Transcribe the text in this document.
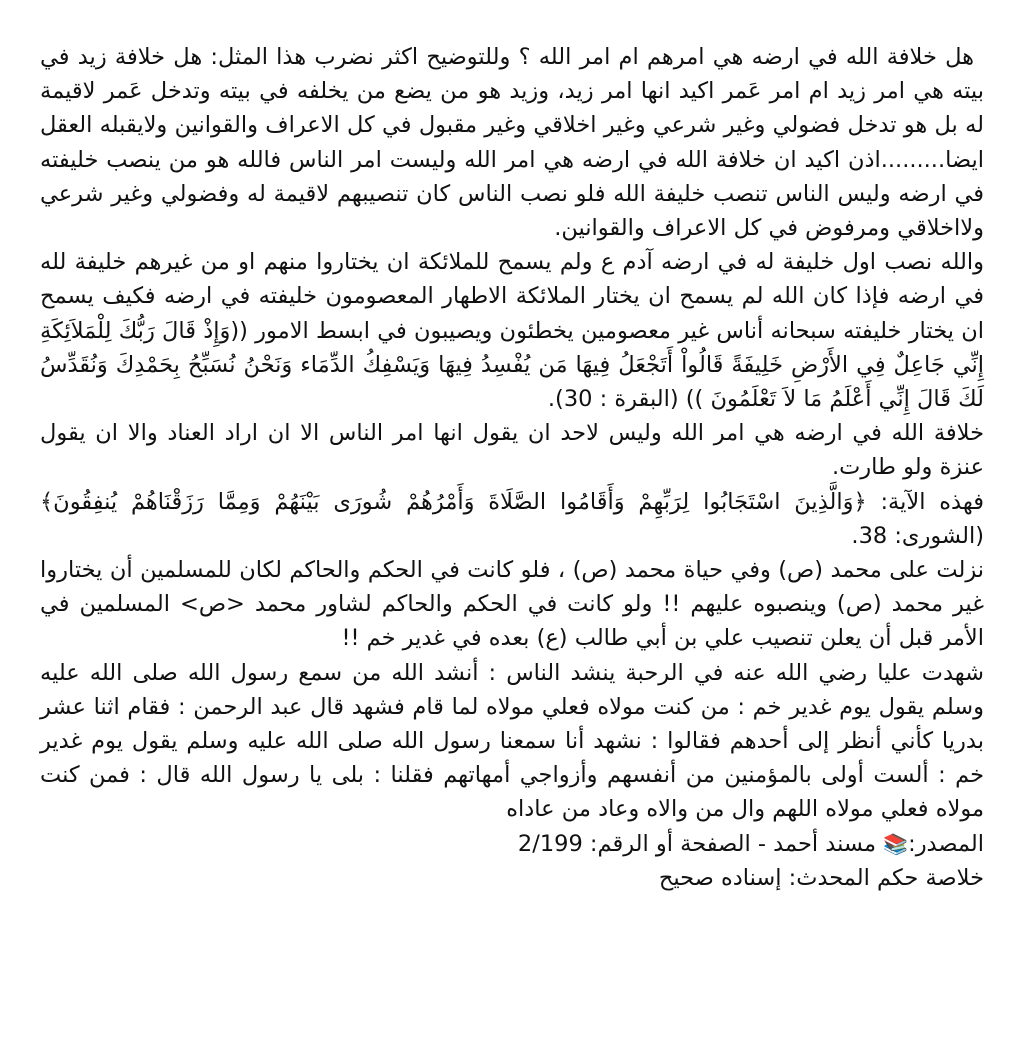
هل خلافة الله في ارضه هي امرهم ام امر الله ؟ وللتوضيح اكثر نضرب هذا المثل: هل خلافة زيد في بيته هي امر زيد ام امر عَمر اكيد انها امر زيد، وزيد هو من يضع من يخلفه في بيته وتدخل عَمر لاقيمة له بل هو تدخل فضولي وغير شرعي وغير اخلاقي وغير مقبول في كل الاعراف والقوانين ولايقبله العقل ايضا.........اذن اكيد ان خلافة الله في ارضه هي امر الله وليست امر الناس فالله هو من ينصب خليفته في ارضه وليس الناس تنصب خليفة الله فلو نصب الناس كان تنصيبهم لاقيمة له وفضولي وغير شرعي ولااخلاقي ومرفوض في كل الاعراف والقوانين.

والله نصب اول خليفة له في ارضه آدم ع ولم يسمح للملائكة ان يختاروا منهم او من غيرهم خليفة لله في ارضه فإذا كان الله لم يسمح ان يختار الملائكة الاطهار المعصومون خليفته في ارضه فكيف يسمح ان يختار خليفته سبحانه أناس غير معصومين يخطئون ويصيبون في ابسط الامور ((وَإِذْ قَالَ رَبُّكَ لِلْمَلاَئِكَةِ إِنِّي جَاعِلٌ فِي الأَرْضِ خَلِيفَةً قَالُواْ أَتَجْعَلُ فِيهَا مَن يُفْسِدُ فِيهَا وَيَسْفِكُ الدِّمَاء وَنَحْنُ نُسَبِّحُ بِحَمْدِكَ وَنُقَدِّسُ لَكَ قَالَ إِنِّي أَعْلَمُ مَا لاَ تَعْلَمُونَ )) (البقرة : 30).

خلافة الله في ارضه هي امر الله وليس لاحد ان يقول انها امر الناس الا ان اراد العناد والا ان يقول عنزة ولو طارت.

فهذه الآية: ﴿وَالَّذِينَ اسْتَجَابُوا لِرَبِّهِمْ وَأَقَامُوا الصَّلَاةَ وَأَمْرُهُمْ شُورَى بَيْنَهُمْ وَمِمَّا رَزَقْنَاهُمْ يُنفِقُونَ﴾ (الشورى: 38.

نزلت على محمد (ص) وفي حياة محمد (ص) ، فلو كانت في الحكم والحاكم لكان للمسلمين أن يختاروا غير محمد (ص) وينصبوه عليهم !! ولو كانت في الحكم والحاكم لشاور محمد <ص> المسلمين في الأمر قبل أن يعلن تنصيب علي بن أبي طالب (ع) بعده في غدير خم !!

شهدت عليا رضي الله عنه في الرحبة ينشد الناس : أنشد الله من سمع رسول الله صلى الله عليه وسلم يقول يوم غدير خم : من كنت مولاه فعلي مولاه لما قام فشهد قال عبد الرحمن : فقام اثنا عشر بدريا كأني أنظر إلى أحدهم فقالوا : نشهد أنا سمعنا رسول الله صلى الله عليه وسلم يقول يوم غدير خم : ألست أولى بالمؤمنين من أنفسهم وأزواجي أمهاتهم فقلنا : بلى يا رسول الله قال : فمن كنت مولاه فعلي مولاه اللهم وال من والاه وعاد من عاداه

المصدر:📚 مسند أحمد - الصفحة أو الرقم: 2/199

خلاصة حكم المحدث: إسناده صحيح
